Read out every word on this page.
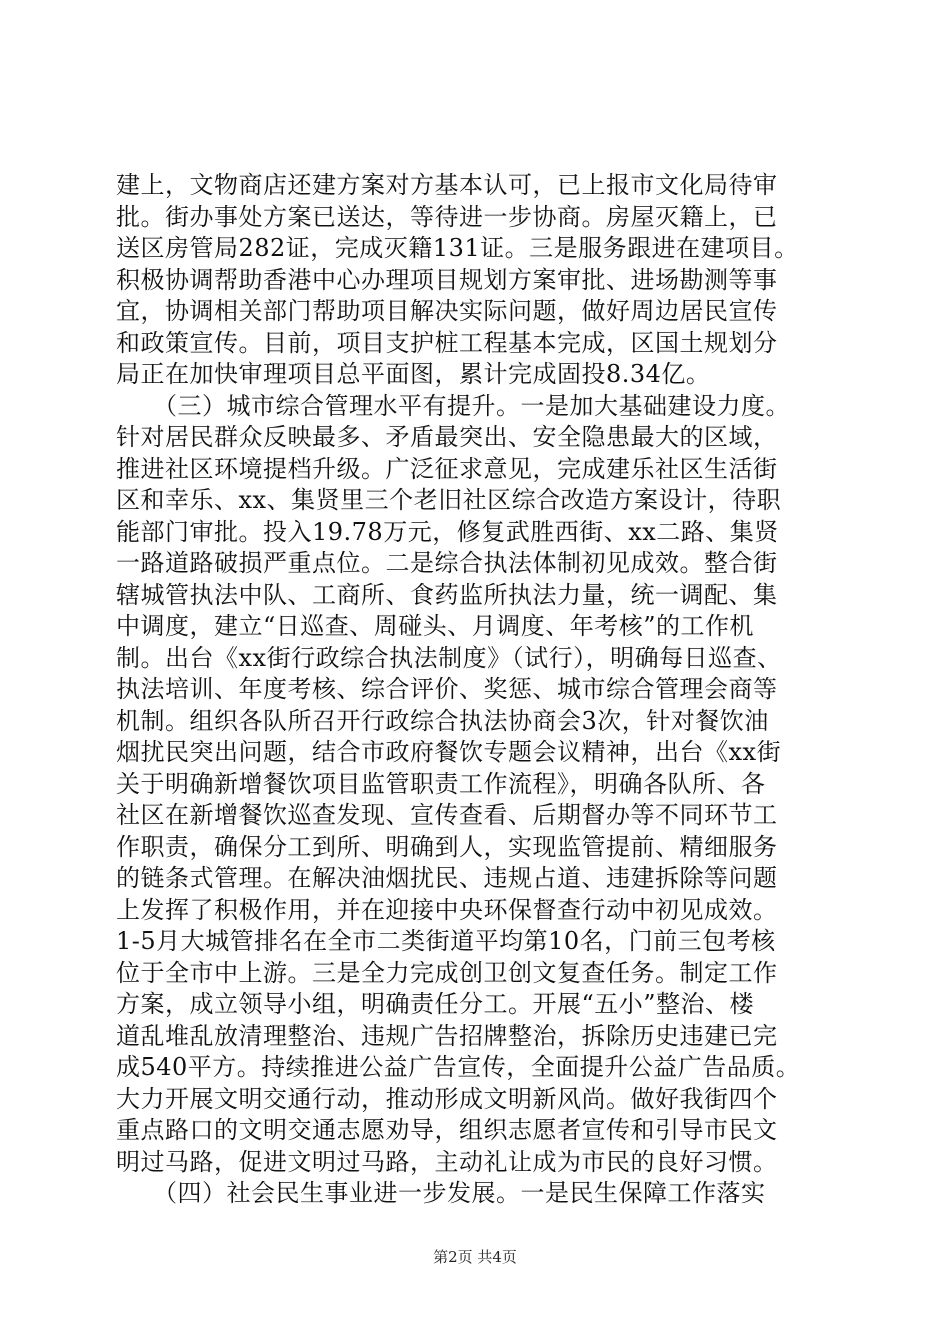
建上，文物商店还建方案对方基本认可，已上报市文化局待审
批。街办事处方案已送达，等待进一步协商。房屋灭籍上，已
送区房管局282证，完成灭籍131证。三是服务跟进在建项目。
积极协调帮助香港中心办理项目规划方案审批、进场勘测等事
宜，协调相关部门帮助项目解决实际问题，做好周边居民宣传
和政策宣传。目前，项目支护桩工程基本完成，区国土规划分
局正在加快审理项目总平面图，累计完成固投8.34亿。
　　（三）城市综合管理水平有提升。一是加大基础建设力度。
针对居民群众反映最多、矛盾最突出、安全隐患最大的区域，
推进社区环境提档升级。广泛征求意见，完成建乐社区生活街
区和幸乐、xx、集贤里三个老旧社区综合改造方案设计，待职
能部门审批。投入19.78万元，修复武胜西街、xx二路、集贤
一路道路破损严重点位。二是综合执法体制初见成效。整合街
辖城管执法中队、工商所、食药监所执法力量，统一调配、集
中调度，建立“日巡查、周碰头、月调度、年考核”的工作机
制。出台《xx街行政综合执法制度》（试行），明确每日巡查、
执法培训、年度考核、综合评价、奖惩、城市综合管理会商等
机制。组织各队所召开行政综合执法协商会3次，针对餐饮油
烟扰民突出问题，结合市政府餐饮专题会议精神，出台《xx街
关于明确新增餐饮项目监管职责工作流程》，明确各队所、各
社区在新增餐饮巡查发现、宣传查看、后期督办等不同环节工
作职责，确保分工到所、明确到人，实现监管提前、精细服务
的链条式管理。在解决油烟扰民、违规占道、违建拆除等问题
上发挥了积极作用，并在迎接中央环保督查行动中初见成效。
1-5月大城管排名在全市二类街道平均第10名，门前三包考核
位于全市中上游。三是全力完成创卫创文复查任务。制定工作
方案，成立领导小组，明确责任分工。开展“五小”整治、楼
道乱堆乱放清理整治、违规广告招牌整治，拆除历史违建已完
成540平方。持续推进公益广告宣传，全面提升公益广告品质。
大力开展文明交通行动，推动形成文明新风尚。做好我街四个
重点路口的文明交通志愿劝导，组织志愿者宣传和引导市民文
明过马路，促进文明过马路，主动礼让成为市民的良好习惯。
　　（四）社会民生事业进一步发展。一是民生保障工作落实
第2页 共4页
